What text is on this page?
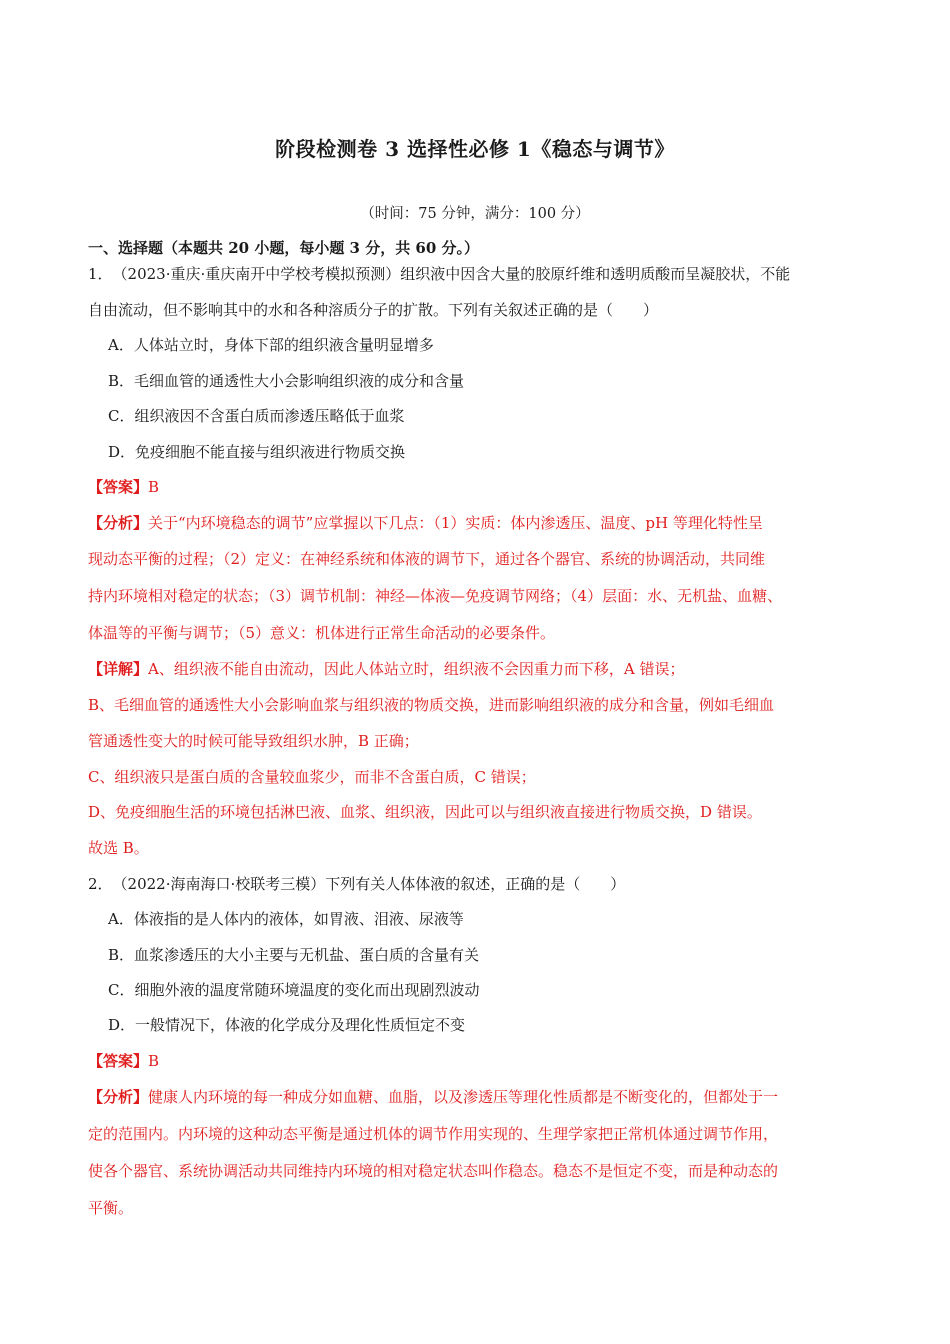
阶段检测卷 3 选择性必修 1《稳态与调节》
（时间：75 分钟，满分：100 分）
一、选择题（本题共 20 小题，每小题 3 分，共 60 分。）
1．　（2023·重庆·重庆南开中学校考模拟预测）组织液中因含大量的胶原纤维和透明质酸而呈凝胶状，不能
自由流动，但不影响其中的水和各种溶质分子的扩散。下列有关叙述正确的是（　　）
A．人体站立时，身体下部的组织液含量明显增多
B．毛细血管的通透性大小会影响组织液的成分和含量
C．组织液因不含蛋白质而渗透压略低于血浆
D．免疫细胞不能直接与组织液进行物质交换
【答案】B
【分析】关于“内环境稳态的调节”应掌握以下几点：（1）实质：体内渗透压、温度、pH 等理化特性呈
现动态平衡的过程；（2）定义：在神经系统和体液的调节下，通过各个器官、系统的协调活动，共同维
持内环境相对稳定的状态；（3）调节机制：神经—体液—免疫调节网络；（4）层面：水、无机盐、血糖、
体温等的平衡与调节；（5）意义：机体进行正常生命活动的必要条件。
【详解】A、组织液不能自由流动，因此人体站立时，组织液不会因重力而下移，A 错误；
B、毛细血管的通透性大小会影响血浆与组织液的物质交换，进而影响组织液的成分和含量，例如毛细血
管通透性变大的时候可能导致组织水肿，B 正确；
C、组织液只是蛋白质的含量较血浆少，而非不含蛋白质，C 错误；
D、免疫细胞生活的环境包括淋巴液、血浆、组织液，因此可以与组织液直接进行物质交换，D 错误。
故选 B。
2．　（2022·海南海口·校联考三模）下列有关人体体液的叙述，正确的是（　　）
A．体液指的是人体内的液体，如胃液、泪液、尿液等
B．血浆渗透压的大小主要与无机盐、蛋白质的含量有关
C．细胞外液的温度常随环境温度的变化而出现剧烈波动
D．一般情况下，体液的化学成分及理化性质恒定不变
【答案】B
【分析】健康人内环境的每一种成分如血糖、血脂，以及渗透压等理化性质都是不断变化的，但都处于一
定的范围内。内环境的这种动态平衡是通过机体的调节作用实现的、生理学家把正常机体通过调节作用，
使各个器官、系统协调活动共同维持内环境的相对稳定状态叫作稳态。稳态不是恒定不变，而是种动态的
平衡。
